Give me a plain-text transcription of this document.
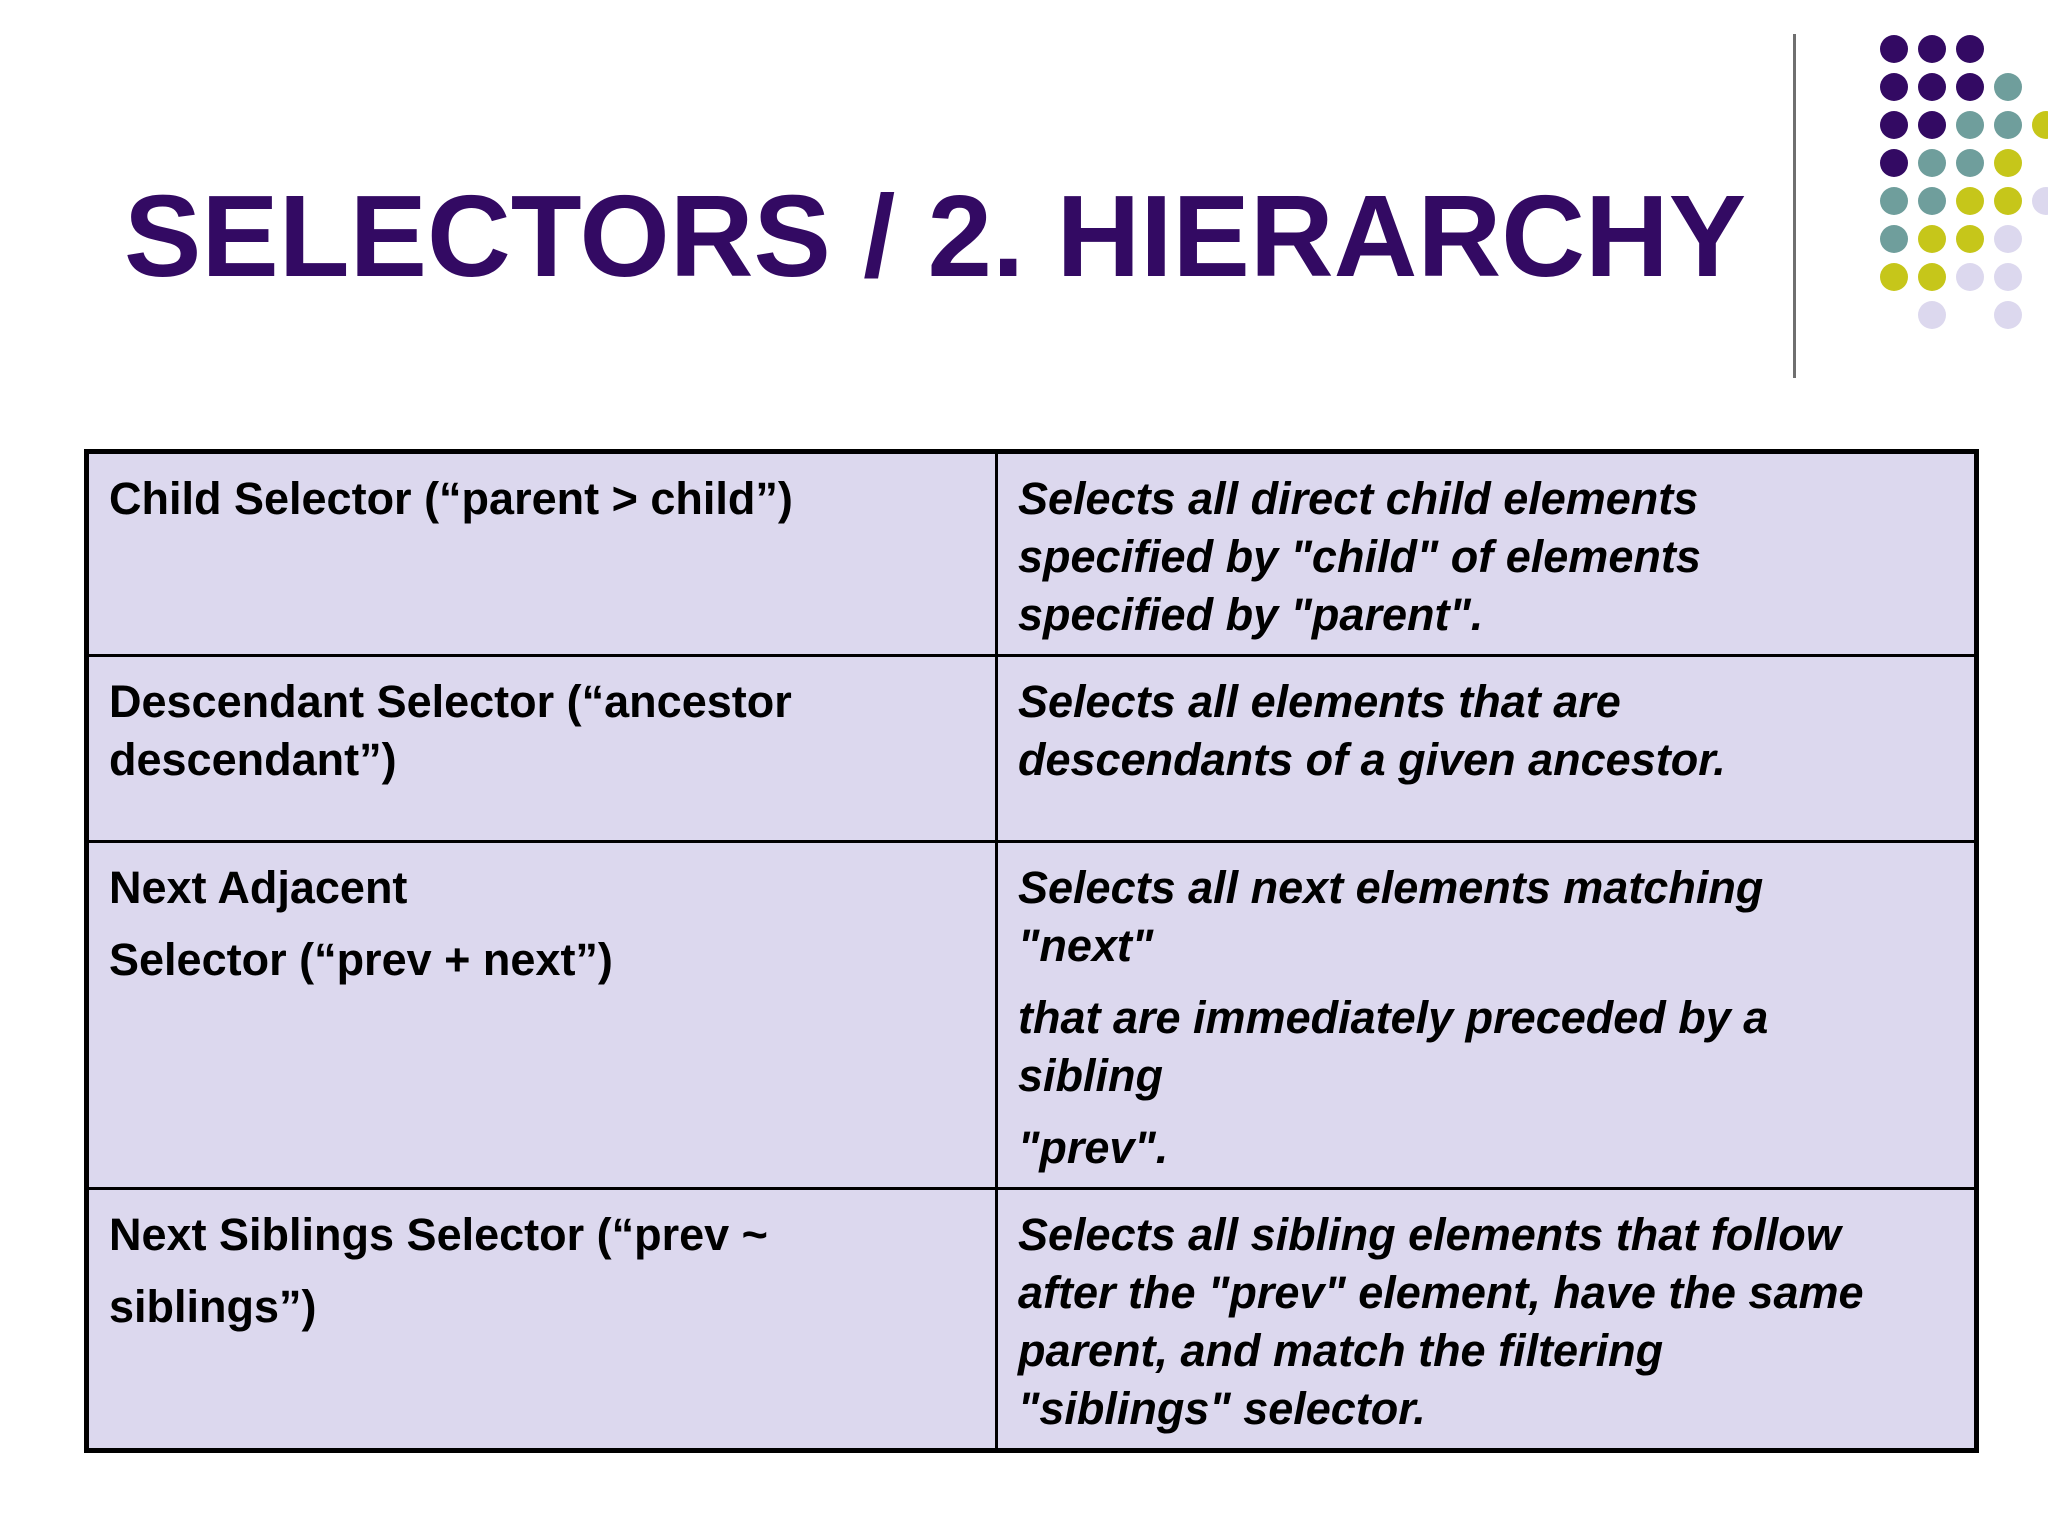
SELECTORS / 2. HIERARCHY
Child Selector (“parent > child”)	Selects all direct child elements
specified by "child" of elements
specified by "parent".

Descendant Selector (“ancestor
descendant”)	Selects all elements that are
descendants of a given ancestor.

Next Adjacent
Selector (“prev + next”)	Selects all next elements matching
"next"
that are immediately preceded by a
sibling
"prev".

Next Siblings Selector (“prev ~
siblings”)	Selects all sibling elements that follow
after the "prev" element, have the same
parent, and match the filtering
"siblings" selector.
